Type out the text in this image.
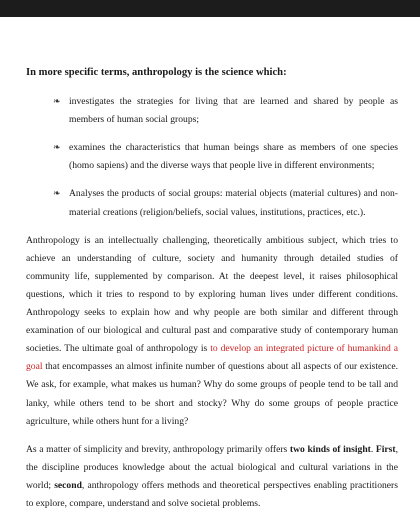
In more specific terms, anthropology is the science which:
❧ investigates the strategies for living that are learned and shared by people as members of human social groups;
❧ examines the characteristics that human beings share as members of one species (homo sapiens) and the diverse ways that people live in different environments;
❧ Analyses the products of social groups: material objects (material cultures) and non-material creations (religion/beliefs, social values, institutions, practices, etc.).

Anthropology is an intellectually challenging, theoretically ambitious subject, which tries to achieve an understanding of culture, society and humanity through detailed studies of community life, supplemented by comparison. At the deepest level, it raises philosophical questions, which it tries to respond to by exploring human lives under different conditions. Anthropology seeks to explain how and why people are both similar and different through examination of our biological and cultural past and comparative study of contemporary human societies. The ultimate goal of anthropology is to develop an integrated picture of humankind a goal that encompasses an almost infinite number of questions about all aspects of our existence. We ask, for example, what makes us human? Why do some groups of people tend to be tall and lanky, while others tend to be short and stocky? Why do some groups of people practice agriculture, while others hunt for a living?

As a matter of simplicity and brevity, anthropology primarily offers two kinds of insight. First, the discipline produces knowledge about the actual biological and cultural variations in the world; second, anthropology offers methods and theoretical perspectives enabling practitioners to explore, compare, understand and solve societal problems.
